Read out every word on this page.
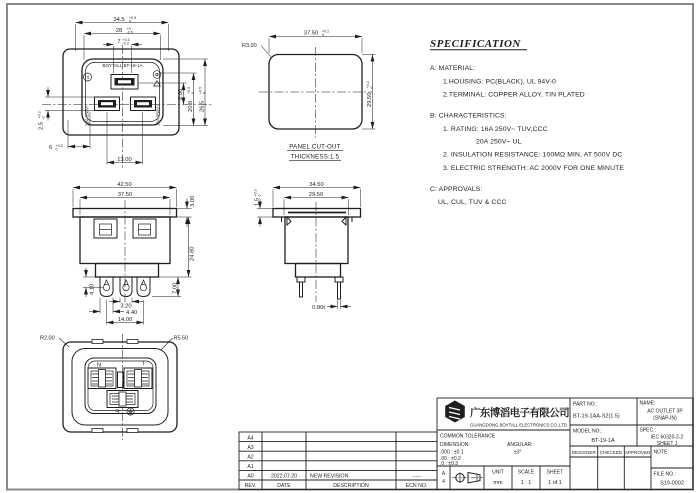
BOYTALL BT-19-1A
UL
20A 250V~	16A 250V~
34.5 +0.5
0
28 +0
-0.5
7 +0.3
-0.3
8.00
20.8
+0.5 0
26.5
+0.5 0
2.5
+0.3 0
6 +0.5
0
13.00
37.50 +0.2
0
R3.00
29.50
+0.2 0
PANEL CUT-OUT
THICKNESS:1.5
SPECIFICATION
A: MATERIAL:
1.HOUSING: PC(BLACK), UL 94V-0
2.TERMINAL: COPPER ALLOY, TIN PLATED
B: CHARACTERISTICS:
1. RATING: 16A 250V~ TUV,CCC
20A 250V~ UL
2. INSULATION RESISTANCE: 100MΩ MIN, AT 500V DC
3. ELECTRIC STRENGTH: AC 2000V FOR ONE MINUTE
C: APPROVALS:
UL, CUL, TUV & CCC
42.50
37.50
3.00
24.80
7.00
4.10
3.20
4.40
14.00
34.50
29.50
1.5
+0.3 0
0.80t
N
L
E
R2.00	R5.50
A4
A3
A2
A1
A0	2022.07.20	NEW REVISION	-----
REV.	DATE	DESCRIPTION	ECN NO.
广东博滔电子有限公司
GUANGDONG BOYTALL ELECTRONICS CO.,LTD
COMMON TOLERANCE
DIMENSION:	ANGULAR:
.000 : ±0.1	±3°
.00 : ±0.2
.0 : ±0.3
A
4
UNIT
mm
SCALE
1 : 1
SHEET
1 of 1
PART NO.:
BT-19-1AA-S2(1.5)
NAME:
AC OUTLET 3P
(SNAP-IN)
MODEL NO.:
BT-19-1A
SPEC.:
IEC 60320-2-2
SHEET J
DESIGNER CHECKED APPROVED NOTE:
FILE NO.:
S19-0002
